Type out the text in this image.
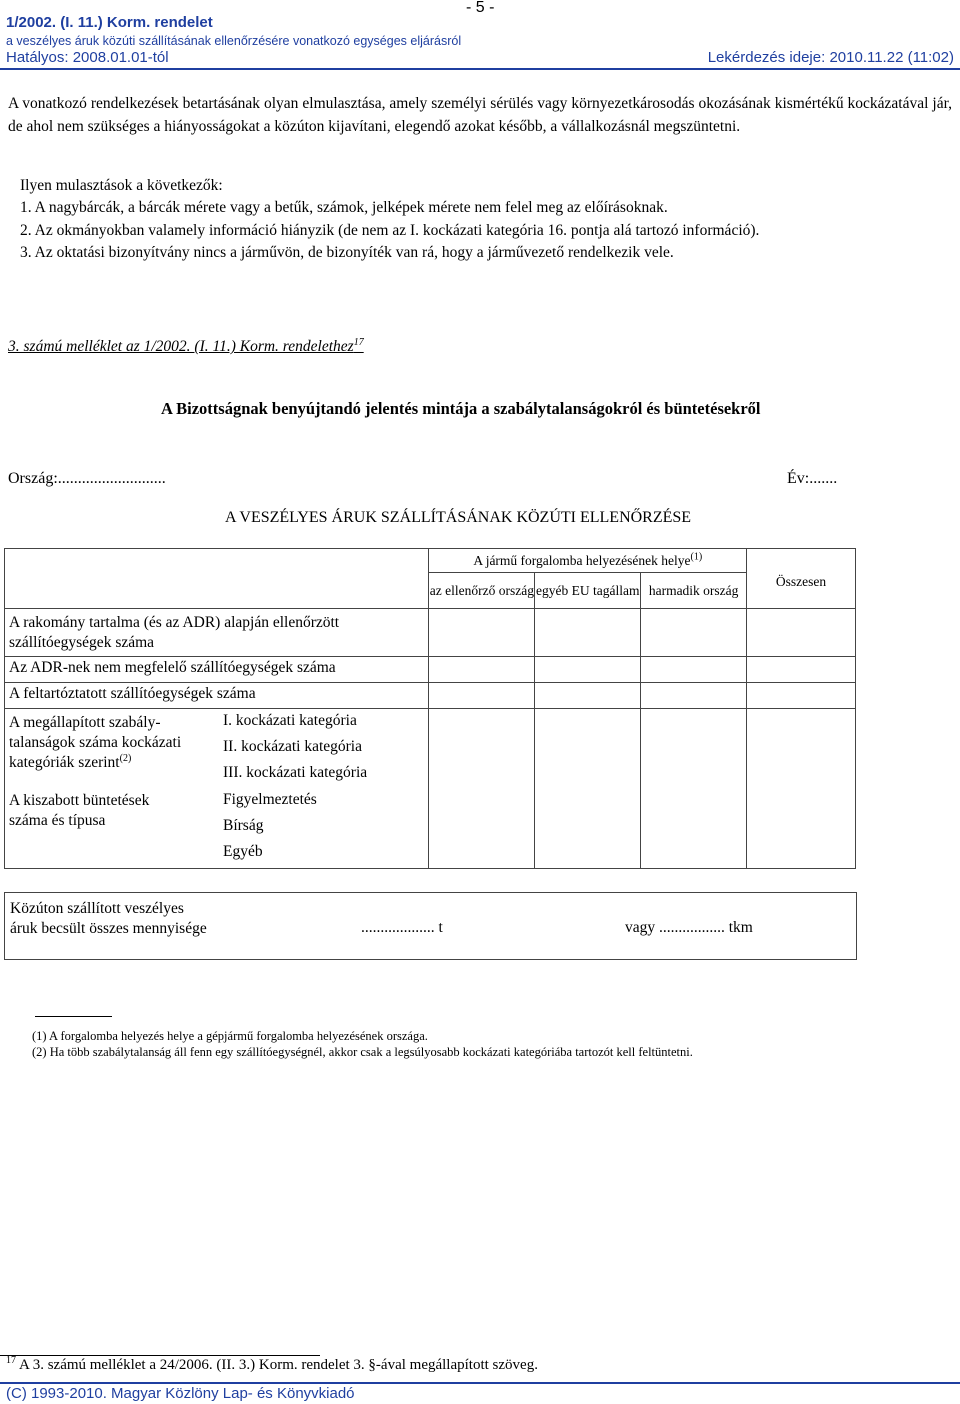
- 5 -
1/2002. (I. 11.) Korm. rendelet
a veszélyes áruk közúti szállításának ellenőrzésére vonatkozó egységes eljárásról
Hatályos: 2008.01.01-tól	Lekérdezés ideje: 2010.11.22 (11:02)
A vonatkozó rendelkezések betartásának olyan elmulasztása, amely személyi sérülés vagy környezetkárosodás okozásának kismértékű kockázatával jár, de ahol nem szükséges a hiányosságokat a közúton kijavítani, elegendő azokat később, a vállalkozásnál megszüntetni.
Ilyen mulasztások a következők:
1. A nagybárcák, a bárcák mérete vagy a betűk, számok, jelképek mérete nem felel meg az előírásoknak.
2. Az okmányokban valamely információ hiányzik (de nem az I. kockázati kategória 16. pontja alá tartozó információ).
3. Az oktatási bizonyítvány nincs a járművön, de bizonyíték van rá, hogy a járművezető rendelkezik vele.
3. számú melléklet az 1/2002. (I. 11.) Korm. rendelethez$^{17}$
A Bizottságnak benyújtandó jelentés mintája a szabálytalanságokról és büntetésekről
Ország:...........................	Év:.......
A VESZÉLYES ÁRUK SZÁLLÍTÁSÁNAK KÖZÚTI ELLENŐRZÉSE
	A jármű forgalomba helyezésének helye$^{(1)}$			Összesen
	az ellenőrző ország	egyéb EU tagállam	harmadik ország	
A rakomány tartalma (és az ADR) alapján ellenőrzött szállítóegységek száma				
Az ADR-nek nem megfelelő szállítóegységek száma				
A feltartóztatott szállítóegységek száma				

A megállapított szabály-talanságok száma kockázati kategóriák szerint$^{(2)}$
I. kockázati kategória
II. kockázati kategória
III. kockázati kategória				

A kiszabott büntetések száma és típusa
Figyelmeztetés
Bírság
Egyéb				

Közúton szállított veszélyes áruk becsült összes mennyisége	................... t	vagy ................. tkm
(1) A forgalomba helyezés helye a gépjármű forgalomba helyezésének országa.
(2) Ha több szabálytalanság áll fenn egy szállítóegységnél, akkor csak a legsúlyosabb kockázati kategóriába tartozót kell feltüntetni.
$^{17}$ A 3. számú melléklet a 24/2006. (II. 3.) Korm. rendelet 3. §-ával megállapított szöveg.
(C) 1993-2010. Magyar Közlöny Lap- és Könyvkiadó
